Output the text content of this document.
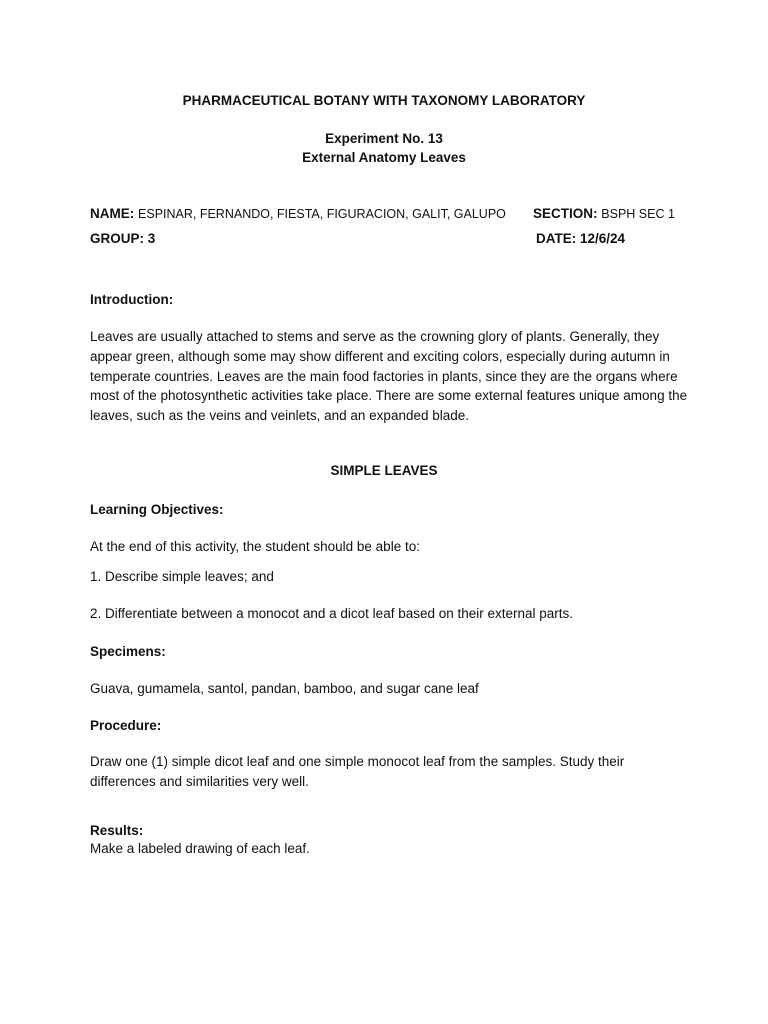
PHARMACEUTICAL BOTANY WITH TAXONOMY LABORATORY
Experiment No. 13
External Anatomy Leaves
NAME: ESPINAR, FERNANDO, FIESTA, FIGURACION, GALIT, GALUPO SECTION: BSPH SEC 1
GROUP: 3	DATE: 12/6/24
Introduction:
Leaves are usually attached to stems and serve as the crowning glory of plants. Generally, they appear green, although some may show different and exciting colors, especially during autumn in temperate countries. Leaves are the main food factories in plants, since they are the organs where most of the photosynthetic activities take place. There are some external features unique among the leaves, such as the veins and veinlets, and an expanded blade.
SIMPLE LEAVES
Learning Objectives:
At the end of this activity, the student should be able to:
1. Describe simple leaves; and
2. Differentiate between a monocot and a dicot leaf based on their external parts.
Specimens:
Guava, gumamela, santol, pandan, bamboo, and sugar cane leaf
Procedure:
Draw one (1) simple dicot leaf and one simple monocot leaf from the samples. Study their differences and similarities very well.
Results:
Make a labeled drawing of each leaf.
